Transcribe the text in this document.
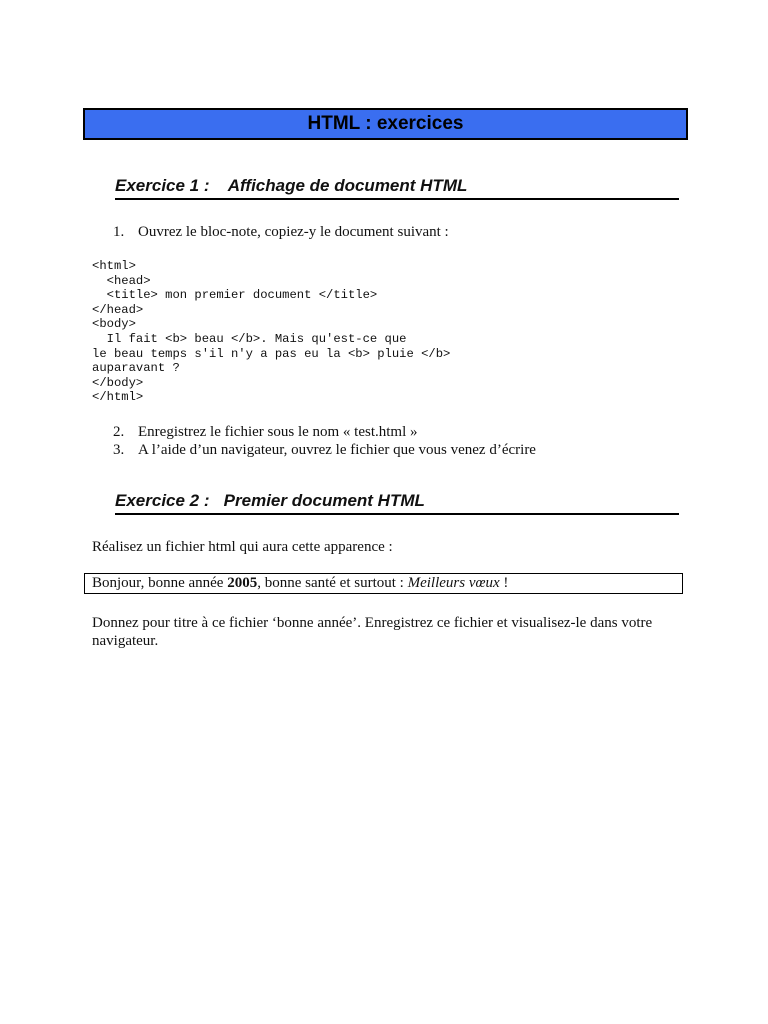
HTML : exercices
Exercice 1 :    Affichage de document HTML
1. Ouvrez le bloc-note, copiez-y le document suivant :
<html>
<head>
<title> mon premier document </title>
</head>
<body>
Il fait <b> beau </b>. Mais qu'est-ce que
le beau temps s'il n'y a pas eu la <b> pluie </b>
auparavant ?
</body>
</html>
2. Enregistrez le fichier sous le nom « test.html »
3. A l’aide d’un navigateur, ouvrez le fichier que vous venez d’écrire
Exercice 2 :   Premier document HTML
Réalisez un fichier html qui aura cette apparence :
Bonjour, bonne année 2005, bonne santé et surtout : Meilleurs vœux !
Donnez pour titre à ce fichier ‘bonne année’. Enregistrez ce fichier et visualisez-le dans votre navigateur.
